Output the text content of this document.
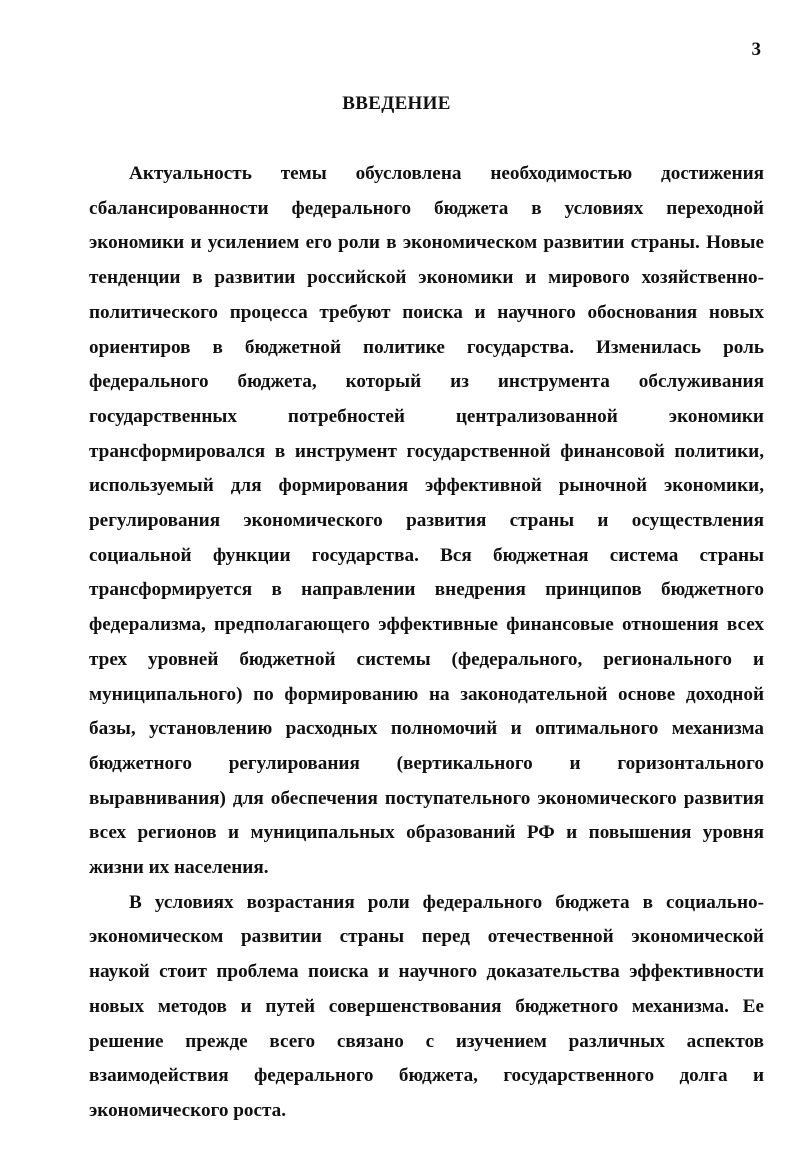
3
ВВЕДЕНИЕ

Актуальность темы обусловлена необходимостью достижения сбалансированности федерального бюджета в условиях переходной экономики и усилением его роли в экономическом развитии страны. Новые тенденции в развитии российской экономики и мирового хозяйственно-политического процесса требуют поиска и научного обоснования новых ориентиров в бюджетной политике государства. Изменилась роль федерального бюджета, который из инструмента обслуживания государственных потребностей централизованной экономики трансформировался в инструмент государственной финансовой политики, используемый для формирования эффективной рыночной экономики, регулирования экономического развития страны и осуществления социальной функции государства. Вся бюджетная система страны трансформируется в направлении внедрения принципов бюджетного федерализма, предполагающего эффективные финансовые отношения всех трех уровней бюджетной системы (федерального, регионального и муниципального) по формированию на законодательной основе доходной базы, установлению расходных полномочий и оптимального механизма бюджетного регулирования (вертикального и горизонтального выравнивания) для обеспечения поступательного экономического развития всех регионов и муниципальных образований РФ и повышения уровня жизни их населения.

В условиях возрастания роли федерального бюджета в социально-экономическом развитии страны перед отечественной экономической наукой стоит проблема поиска и научного доказательства эффективности новых методов и путей совершенствования бюджетного механизма. Ее решение прежде всего связано с изучением различных аспектов взаимодействия федерального бюджета, государственного долга и экономического роста.
